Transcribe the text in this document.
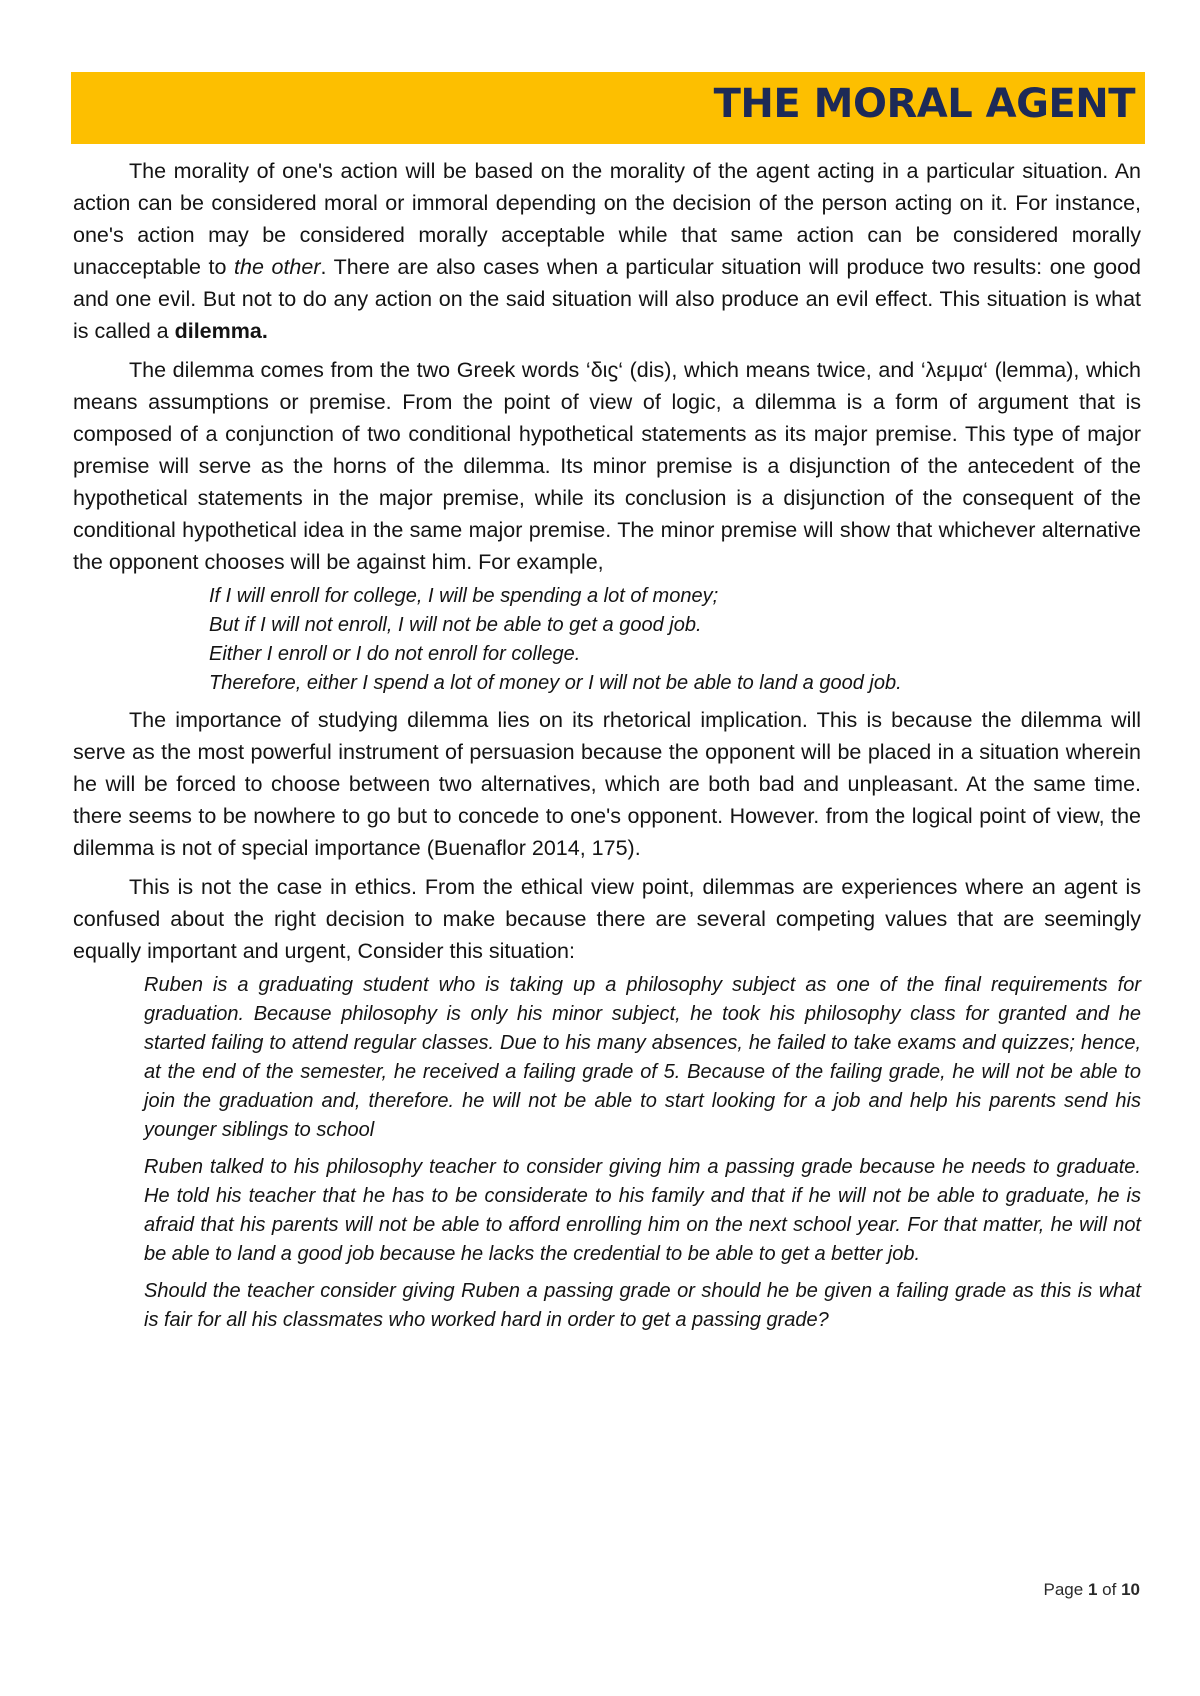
THE MORAL AGENT

The morality of one's action will be based on the morality of the agent acting in a particular situation. An action can be considered moral or immoral depending on the decision of the person acting on it. For instance, one's action may be considered morally acceptable while that same action can be considered morally unacceptable to the other. There are also cases when a particular situation will produce two results: one good and one evil. But not to do any action on the said situation will also produce an evil effect. This situation is what is called a dilemma.

The dilemma comes from the two Greek words ‘διϛ‘ (dis), which means twice, and ‘λεμμα‘ (lemma), which means assumptions or premise. From the point of view of logic, a dilemma is a form of argument that is composed of a conjunction of two conditional hypothetical statements as its major premise. This type of major premise will serve as the horns of the dilemma. Its minor premise is a disjunction of the antecedent of the hypothetical statements in the major premise, while its conclusion is a disjunction of the consequent of the conditional hypothetical idea in the same major premise. The minor premise will show that whichever alternative the opponent chooses will be against him. For example,

If I will enroll for college, I will be spending a lot of money;
But if I will not enroll, I will not be able to get a good job.
Either I enroll or I do not enroll for college.
Therefore, either I spend a lot of money or I will not be able to land a good job.

The importance of studying dilemma lies on its rhetorical implication. This is because the dilemma will serve as the most powerful instrument of persuasion because the opponent will be placed in a situation wherein he will be forced to choose between two alternatives, which are both bad and unpleasant. At the same time. there seems to be nowhere to go but to concede to one's opponent. However. from the logical point of view, the dilemma is not of special importance (Buenaflor 2014, 175).

This is not the case in ethics. From the ethical view point, dilemmas are experiences where an agent is confused about the right decision to make because there are several competing values that are seemingly equally important and urgent, Consider this situation:

Ruben is a graduating student who is taking up a philosophy subject as one of the final requirements for graduation. Because philosophy is only his minor subject, he took his philosophy class for granted and he started failing to attend regular classes. Due to his many absences, he failed to take exams and quizzes; hence, at the end of the semester, he received a failing grade of 5. Because of the failing grade, he will not be able to join the graduation and, therefore. he will not be able to start looking for a job and help his parents send his younger siblings to school

Ruben talked to his philosophy teacher to consider giving him a passing grade because he needs to graduate. He told his teacher that he has to be considerate to his family and that if he will not be able to graduate, he is afraid that his parents will not be able to afford enrolling him on the next school year. For that matter, he will not be able to land a good job because he lacks the credential to be able to get a better job.

Should the teacher consider giving Ruben a passing grade or should he be given a failing grade as this is what is fair for all his classmates who worked hard in order to get a passing grade?

Page 1 of 10
